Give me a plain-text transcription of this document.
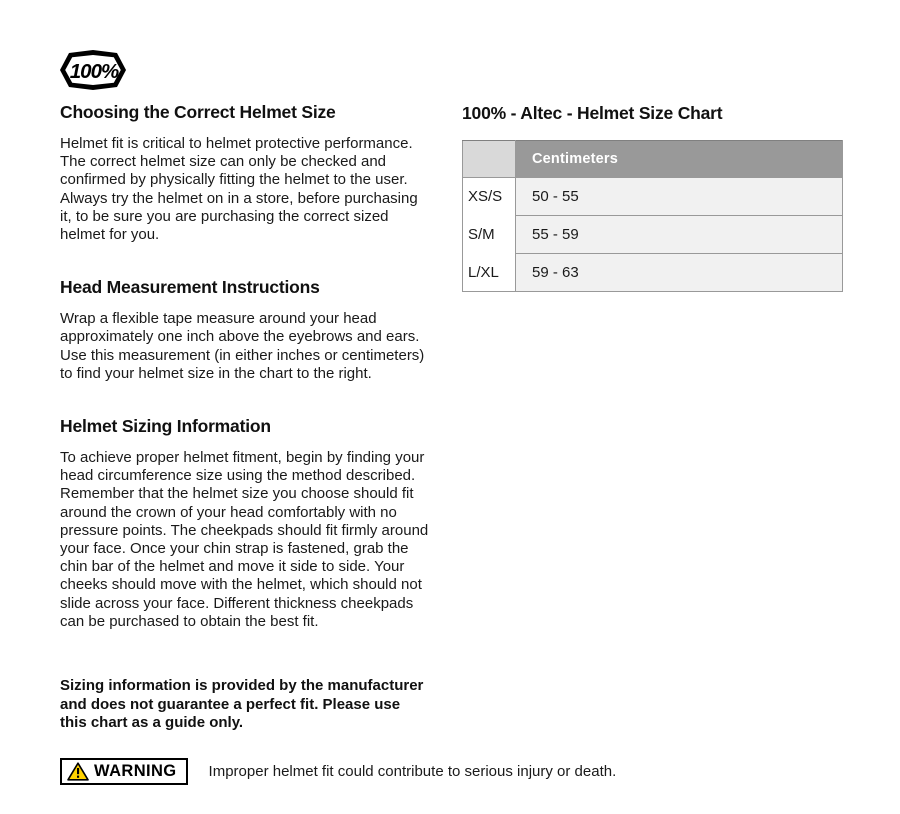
100%
Choosing the Correct Helmet Size

Helmet fit is critical to helmet protective performance. The correct helmet size can only be checked and confirmed by physically fitting the helmet to the user. Always try the helmet on in a store, before purchasing it, to be sure you are purchasing the correct sized helmet for you.

Head Measurement Instructions

Wrap a flexible tape measure around your head approximately one inch above the eyebrows and ears. Use this measurement (in either inches or centimeters) to find your helmet size in the chart to the right.

Helmet Sizing Information

To achieve proper helmet fitment, begin by finding your head circumference size using the method described. Remember that the helmet size you choose should fit around the crown of your head comfortably with no pressure points. The cheekpads should fit firmly around your face. Once your chin strap is fastened, grab the chin bar of the helmet and move it side to side. Your cheeks should move with the helmet, which should not slide across your face. Different thickness cheekpads can be purchased to obtain the best fit.

Sizing information is provided by the manufacturer and does not guarantee a perfect fit. Please use this chart as a guide only.

WARNING Improper helmet fit could contribute to serious injury or death.
100% - Altec - Helmet Size Chart
	Centimeters
XS/S	50 - 55
S/M	55 - 59
L/XL	59 - 63
